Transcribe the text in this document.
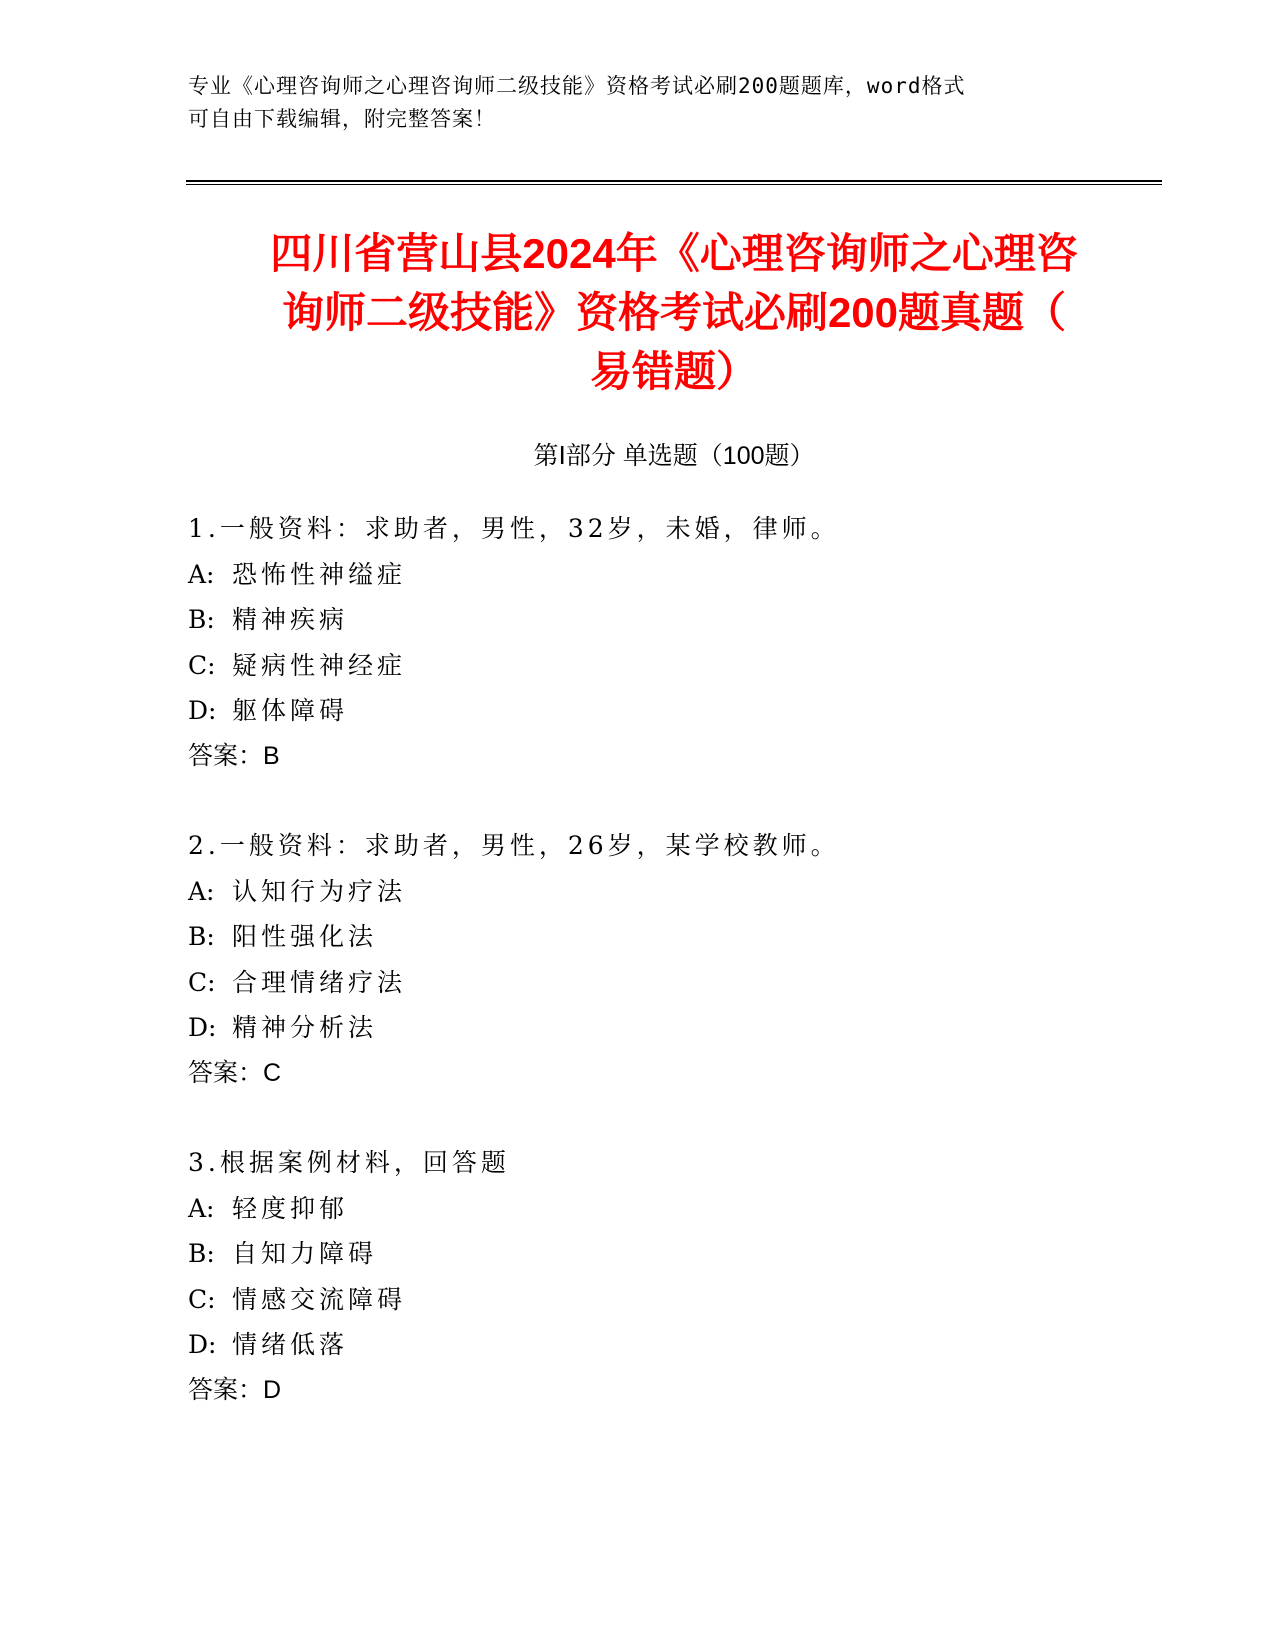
专业《心理咨询师之心理咨询师二级技能》资格考试必刷200题题库，word格式
可自由下载编辑，附完整答案！
四川省营山县2024年《心理咨询师之心理咨
询师二级技能》资格考试必刷200题真题（
易错题）
第Ⅰ部分 单选题（100题）
1.一般资料：求助者，男性，32岁，未婚，律师。
A: 恐怖性神缢症
B: 精神疾病
C: 疑病性神经症
D: 躯体障碍
答案：B
2.一般资料：求助者，男性，26岁，某学校教师。
A: 认知行为疗法
B: 阳性强化法
C: 合理情绪疗法
D: 精神分析法
答案：C
3.根据案例材料，回答题
A: 轻度抑郁
B: 自知力障碍
C: 情感交流障碍
D: 情绪低落
答案：D
